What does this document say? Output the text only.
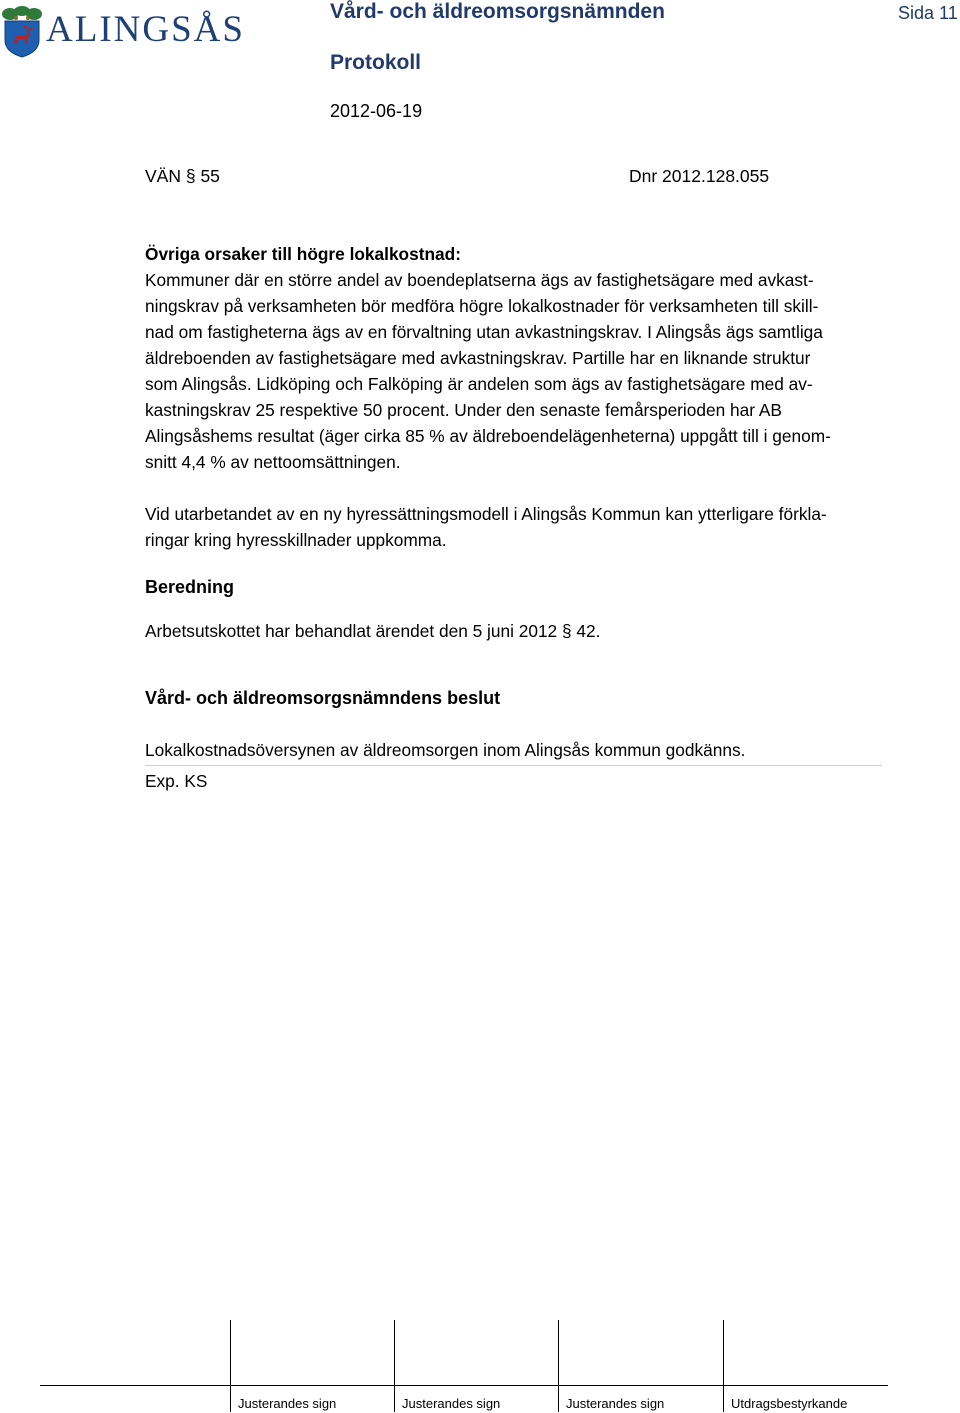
ALINGSÅS	Vård- och äldreomsorgsnämnden	Sida 11
Protokoll
2012-06-19
VÄN § 55	Dnr 2012.128.055
Övriga orsaker till högre lokalkostnad:
Kommuner där en större andel av boendeplatserna ägs av fastighetsägare med avkast-
ningskrav på verksamheten bör medföra högre lokalkostnader för verksamheten till skill-
nad om fastigheterna ägs av en förvaltning utan avkastningskrav. I Alingsås ägs samtliga
äldreboenden av fastighetsägare med avkastningskrav. Partille har en liknande struktur
som Alingsås. Lidköping och Falköping är andelen som ägs av fastighetsägare med av-
kastningskrav 25 respektive 50 procent. Under den senaste femårsperioden har AB
Alingsåshems resultat (äger cirka 85 % av äldreboendelägenheterna) uppgått till i genom-
snitt 4,4 % av nettoomsättningen.
Vid utarbetandet av en ny hyressättningsmodell i Alingsås Kommun kan ytterligare förkla-
ringar kring hyresskillnader uppkomma.
Beredning
Arbetsutskottet har behandlat ärendet den 5 juni 2012 § 42.
Vård- och äldreomsorgsnämndens beslut
Lokalkostnadsöversynen av äldreomsorgen inom Alingsås kommun godkänns.
Exp. KS
Justerandes sign	Justerandes sign	Justerandes sign	Utdragsbestyrkande
